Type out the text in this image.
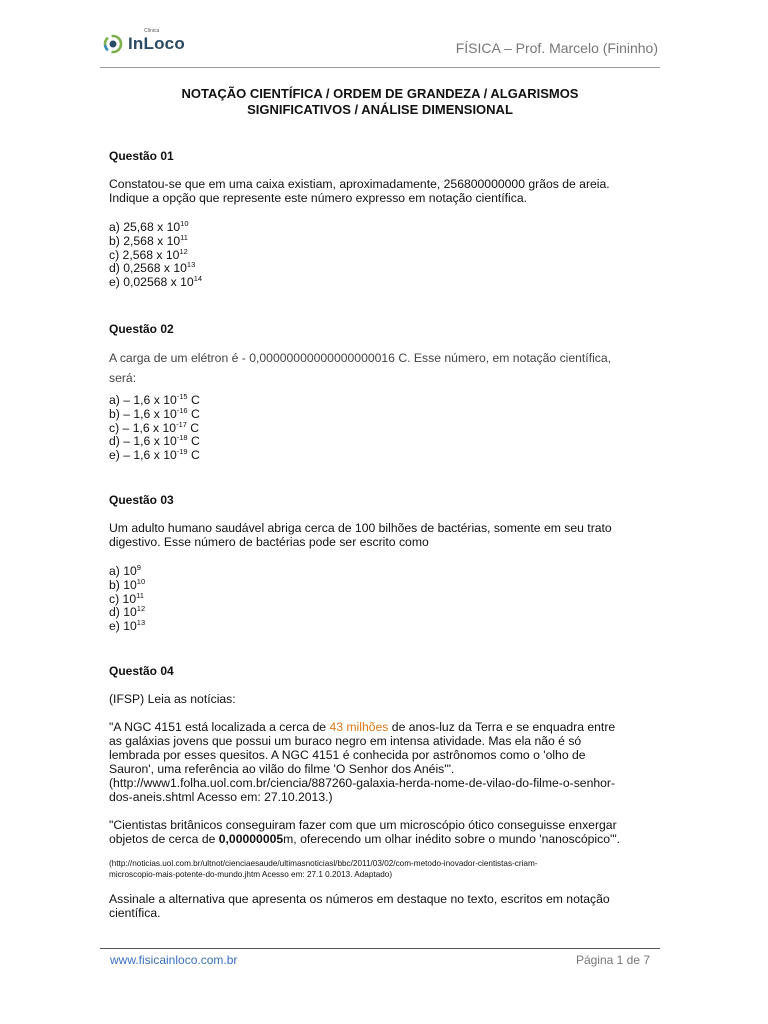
Clínica
InLoco	FÍSICA – Prof. Marcelo (Fininho)
NOTAÇÃO CIENTÍFICA / ORDEM DE GRANDEZA / ALGARISMOS
SIGNIFICATIVOS / ANÁLISE DIMENSIONAL
Questão 01
Constatou-se que em uma caixa existiam, aproximadamente, 256800000000 grãos de areia.
Indique a opção que represente este número expresso em notação científica.
a) 25,68 x $10^{10}$
b) 2,568 x $10^{11}$
c) 2,568 x $10^{12}$
d) 0,2568 x $10^{13}$
e) 0,02568 x $10^{14}$
Questão 02
A carga de um elétron é - 0,00000000000000000016 C. Esse número, em notação científica,
será:
a) – 1,6 x $10^{-15}$ C
b) – 1,6 x $10^{-16}$ C
c) – 1,6 x $10^{-17}$ C
d) – 1,6 x $10^{-18}$ C
e) – 1,6 x $10^{-19}$ C
Questão 03
Um adulto humano saudável abriga cerca de 100 bilhões de bactérias, somente em seu trato
digestivo. Esse número de bactérias pode ser escrito como
a) $10^9$
b) $10^{10}$
c) $10^{11}$
d) $10^{12}$
e) $10^{13}$
Questão 04
(IFSP) Leia as notícias:
"A NGC 4151 está localizada a cerca de 43 milhões de anos-luz da Terra e se enquadra entre
as galáxias jovens que possui um buraco negro em intensa atividade. Mas ela não é só
lembrada por esses quesitos. A NGC 4151 é conhecida por astrônomos como o 'olho de
Sauron', uma referência ao vilão do filme 'O Senhor dos Anéis'".
(http://www1.folha.uol.com.br/ciencia/887260-galaxia-herda-nome-de-vilao-do-filme-o-senhor-
dos-aneis.shtml Acesso em: 27.10.2013.)
"Cientistas britânicos conseguiram fazer com que um microscópio ótico conseguisse enxergar
objetos de cerca de 0,00000005m, oferecendo um olhar inédito sobre o mundo 'nanoscópico'".
(http://noticias.uol.com.br/ultnot/cienciaesaude/ultimasnoticiasl/bbc/2011/03/02/com-metodo-inovador-cientistas-criam-
microscopio-mais-potente-do-mundo.jhtm Acesso em: 27.1 0.2013. Adaptado)
Assinale a alternativa que apresenta os números em destaque no texto, escritos em notação
científica.
www.fisicainloco.com.br	Página 1 de 7
